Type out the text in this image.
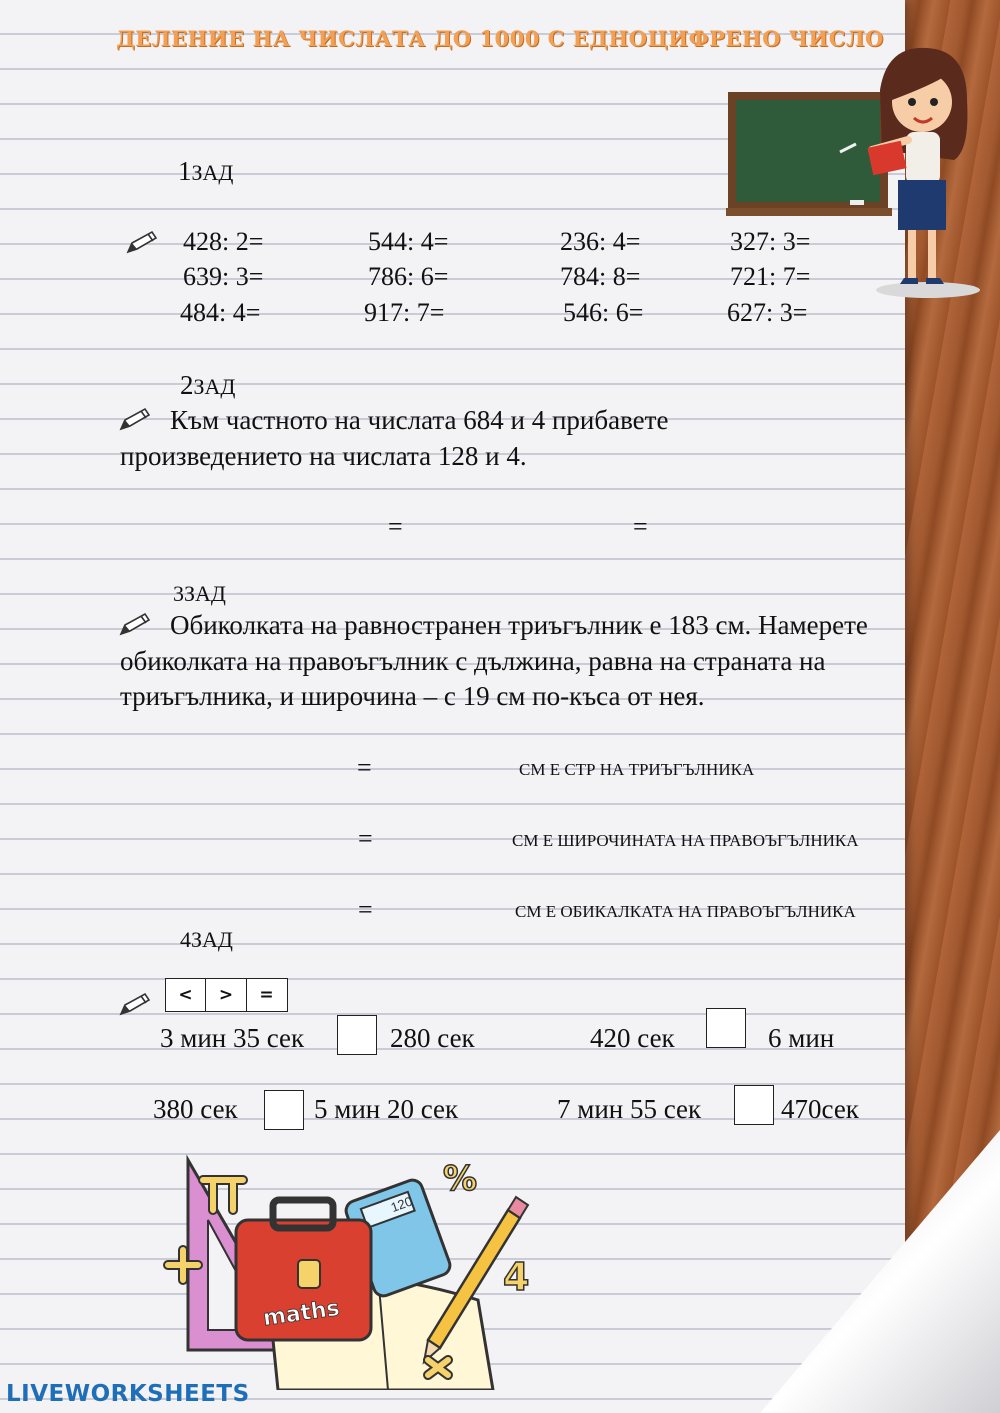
ДЕЛЕНИЕ НА ЧИСЛАТА ДО 1000 С ЕДНОЦИФРЕНО ЧИСЛО
1ЗАД
428: 2=	544: 4=	236: 4=	327: 3=
639: 3=	786: 6=	784: 8=	721: 7=
484: 4=	917: 7=	546: 6=	627: 3=
2ЗАД
Към частното на числата 684 и 4 прибавете произведението на числата 128 и 4.
=	=
3ЗАД
Обиколката на равностранен триъгълник е 183 см. Намерете обиколката на правоъгълник с дължина, равна на страната на триъгълника, и широчина – с 19 см по-къса от нея.
=	СМ Е СТР НА ТРИЪГЪЛНИКА
=	СМ Е ШИРОЧИНАТА НА ПРАВОЪГЪЛНИКА
=	СМ Е ОБИКАЛКАТА НА ПРАВОЪГЪЛНИКА
4ЗАД
<	>	=
3 мин 35 сек	280 сек	420 сек	6 мин
380 сек	5 мин 20 сек	7 мин 55 сек	470сек
120
maths
%
4
LIVEWORKSHEETS
